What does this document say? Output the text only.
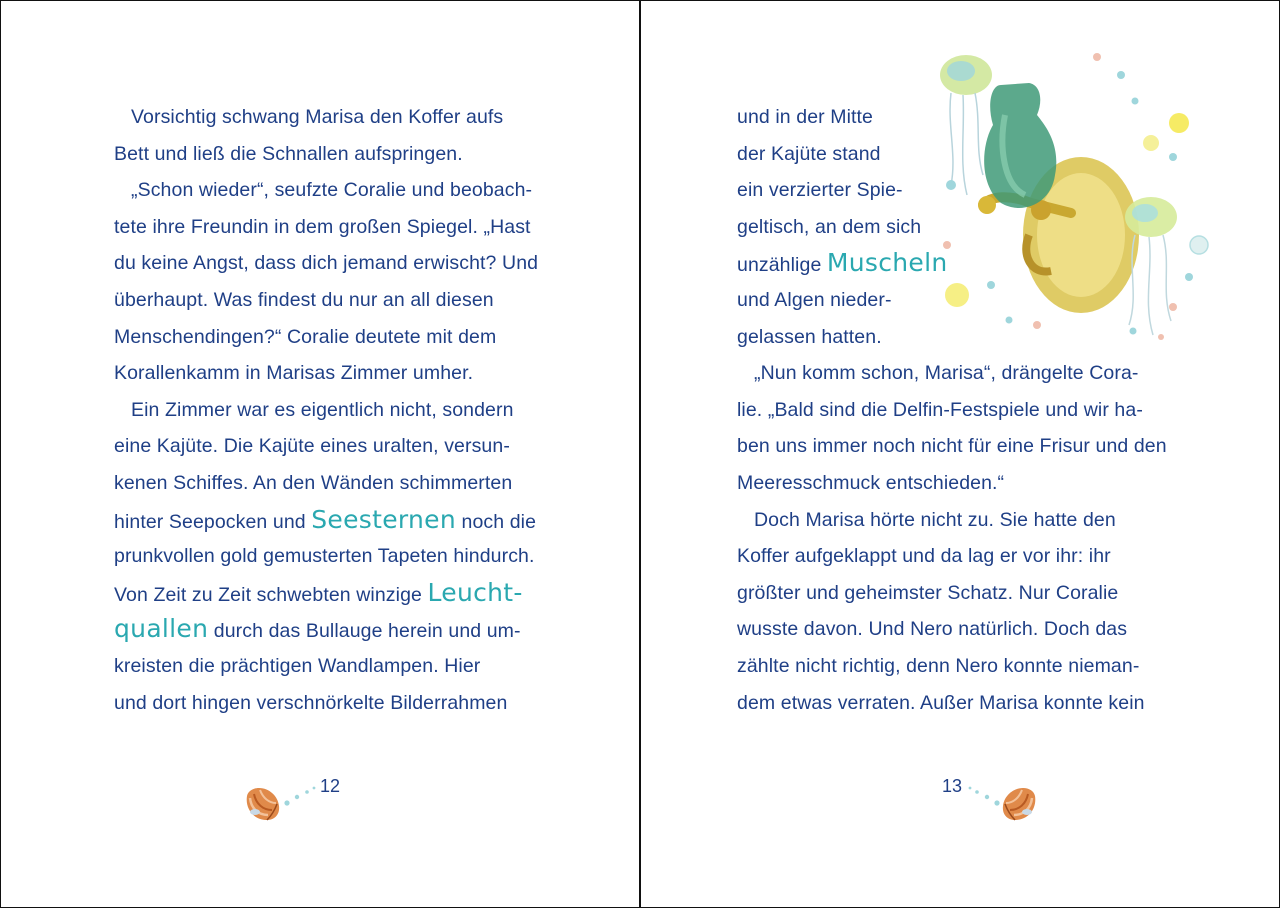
Vorsichtig schwang Marisa den Koffer aufs
Bett und ließ die Schnallen aufspringen.
„Schon wieder“, seufzte Coralie und beobach-
tete ihre Freundin in dem großen Spiegel. „Hast
du keine Angst, dass dich jemand erwischt? Und
überhaupt. Was findest du nur an all diesen
Menschendingen?“ Coralie deutete mit dem
Korallenkamm in Marisas Zimmer umher.
Ein Zimmer war es eigentlich nicht, sondern
eine Kajüte. Die Kajüte eines uralten, versun-
kenen Schiffes. An den Wänden schimmerten
hinter Seepocken und Seesternen noch die
prunkvollen gold gemusterten Tapeten hindurch.
Von Zeit zu Zeit schwebten winzige Leucht-
quallen durch das Bullauge herein und um-
kreisten die prächtigen Wandlampen. Hier
und dort hingen verschnörkelte Bilderrahmen
12
und in der Mitte
der Kajüte stand
ein verzierter Spie-
geltisch, an dem sich
unzählige Muscheln
und Algen nieder-
gelassen hatten.
„Nun komm schon, Marisa“, drängelte Cora-
lie. „Bald sind die Delfin-Festspiele und wir ha-
ben uns immer noch nicht für eine Frisur und den
Meeresschmuck entschieden.“
Doch Marisa hörte nicht zu. Sie hatte den
Koffer aufgeklappt und da lag er vor ihr: ihr
größter und geheimster Schatz. Nur Coralie
wusste davon. Und Nero natürlich. Doch das
zählte nicht richtig, denn Nero konnte nieman-
dem etwas verraten. Außer Marisa konnte kein
13
